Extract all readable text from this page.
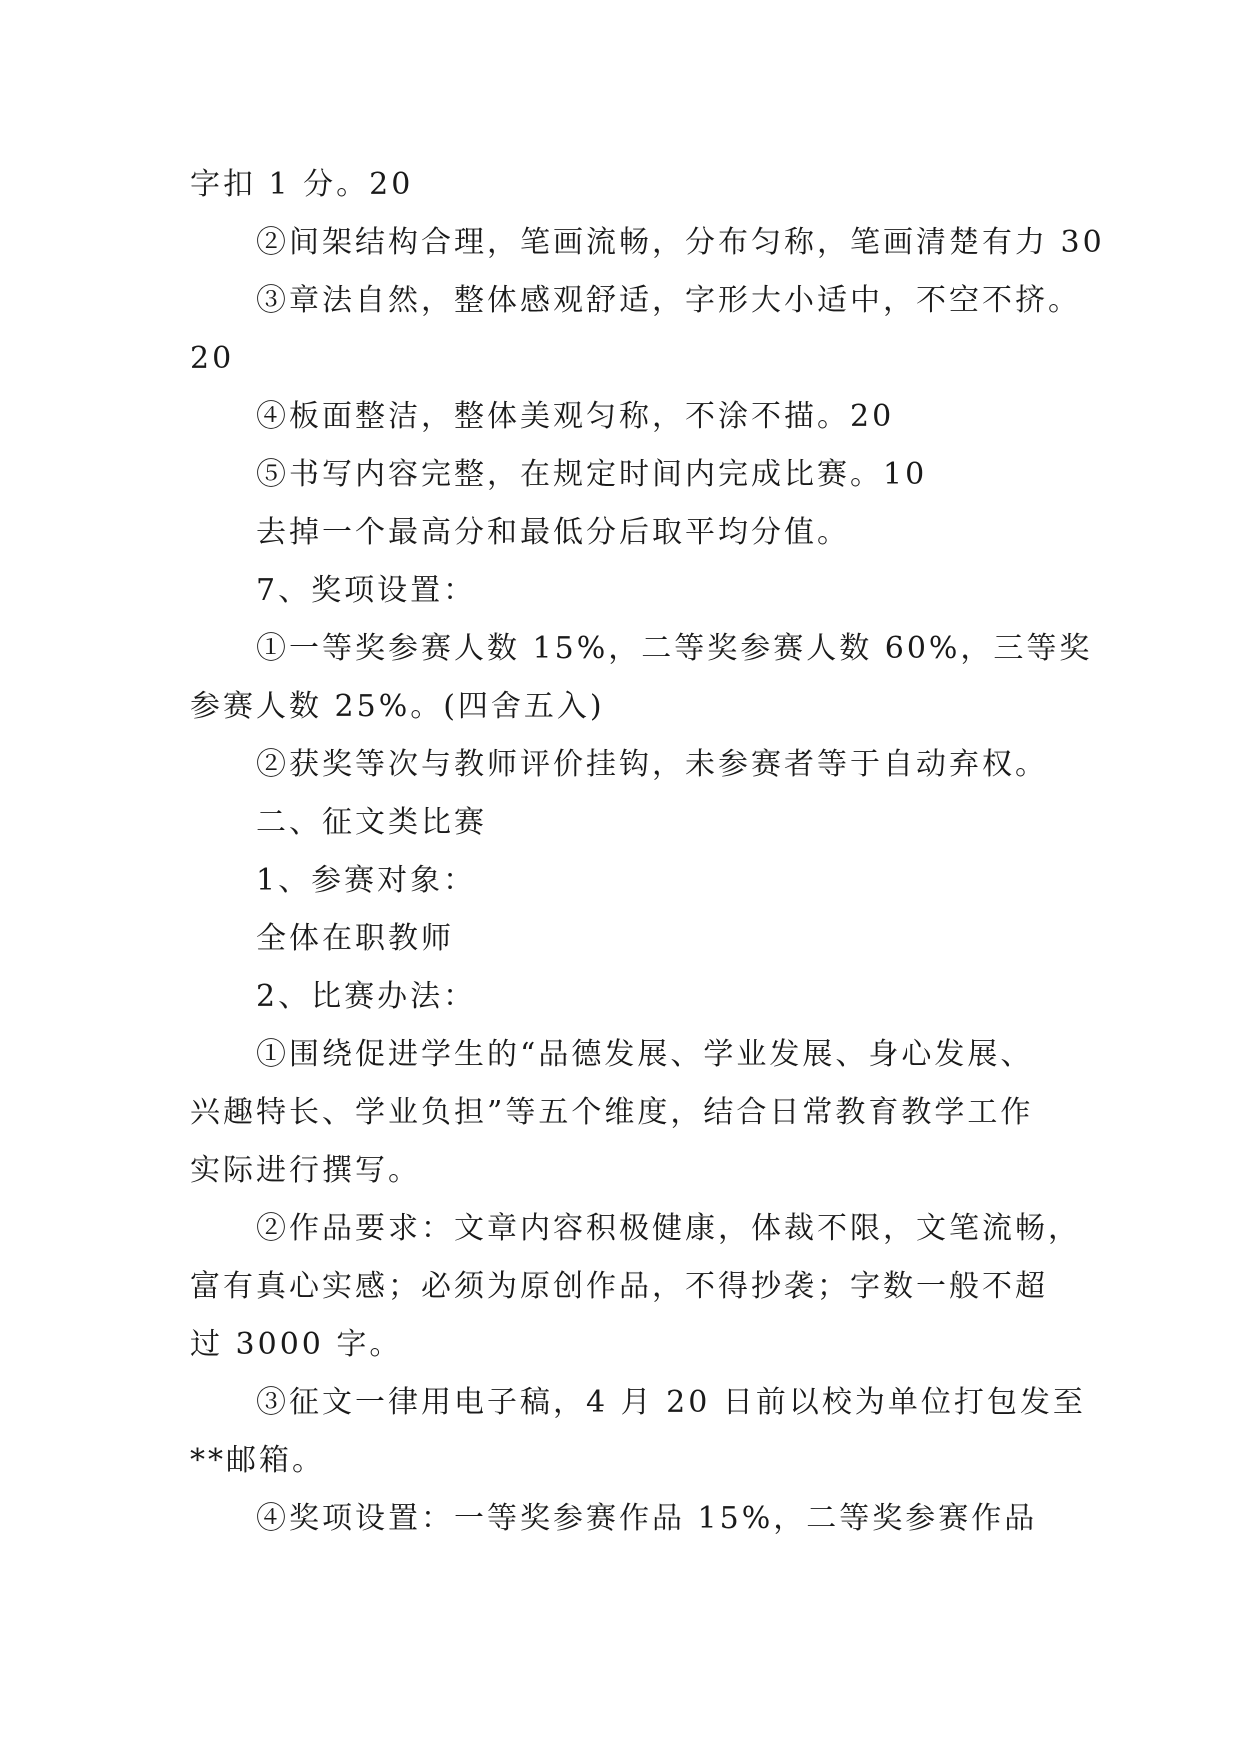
字扣 1 分。20
②间架结构合理，笔画流畅，分布匀称，笔画清楚有力 30
③章法自然，整体感观舒适，字形大小适中，不空不挤。
20
④板面整洁，整体美观匀称，不涂不描。20
⑤书写内容完整，在规定时间内完成比赛。10
去掉一个最高分和最低分后取平均分值。
7、奖项设置：
①一等奖参赛人数 15%，二等奖参赛人数 60%，三等奖
参赛人数 25%。(四舍五入)
②获奖等次与教师评价挂钩，未参赛者等于自动弃权。
二、征文类比赛
1、参赛对象：
全体在职教师
2、比赛办法：
①围绕促进学生的“品德发展、学业发展、身心发展、
兴趣特长、学业负担”等五个维度，结合日常教育教学工作
实际进行撰写。
②作品要求：文章内容积极健康，体裁不限，文笔流畅，
富有真心实感；必须为原创作品，不得抄袭；字数一般不超
过 3000 字。
③征文一律用电子稿，4 月 20 日前以校为单位打包发至
**邮箱。
④奖项设置：一等奖参赛作品 15%，二等奖参赛作品
